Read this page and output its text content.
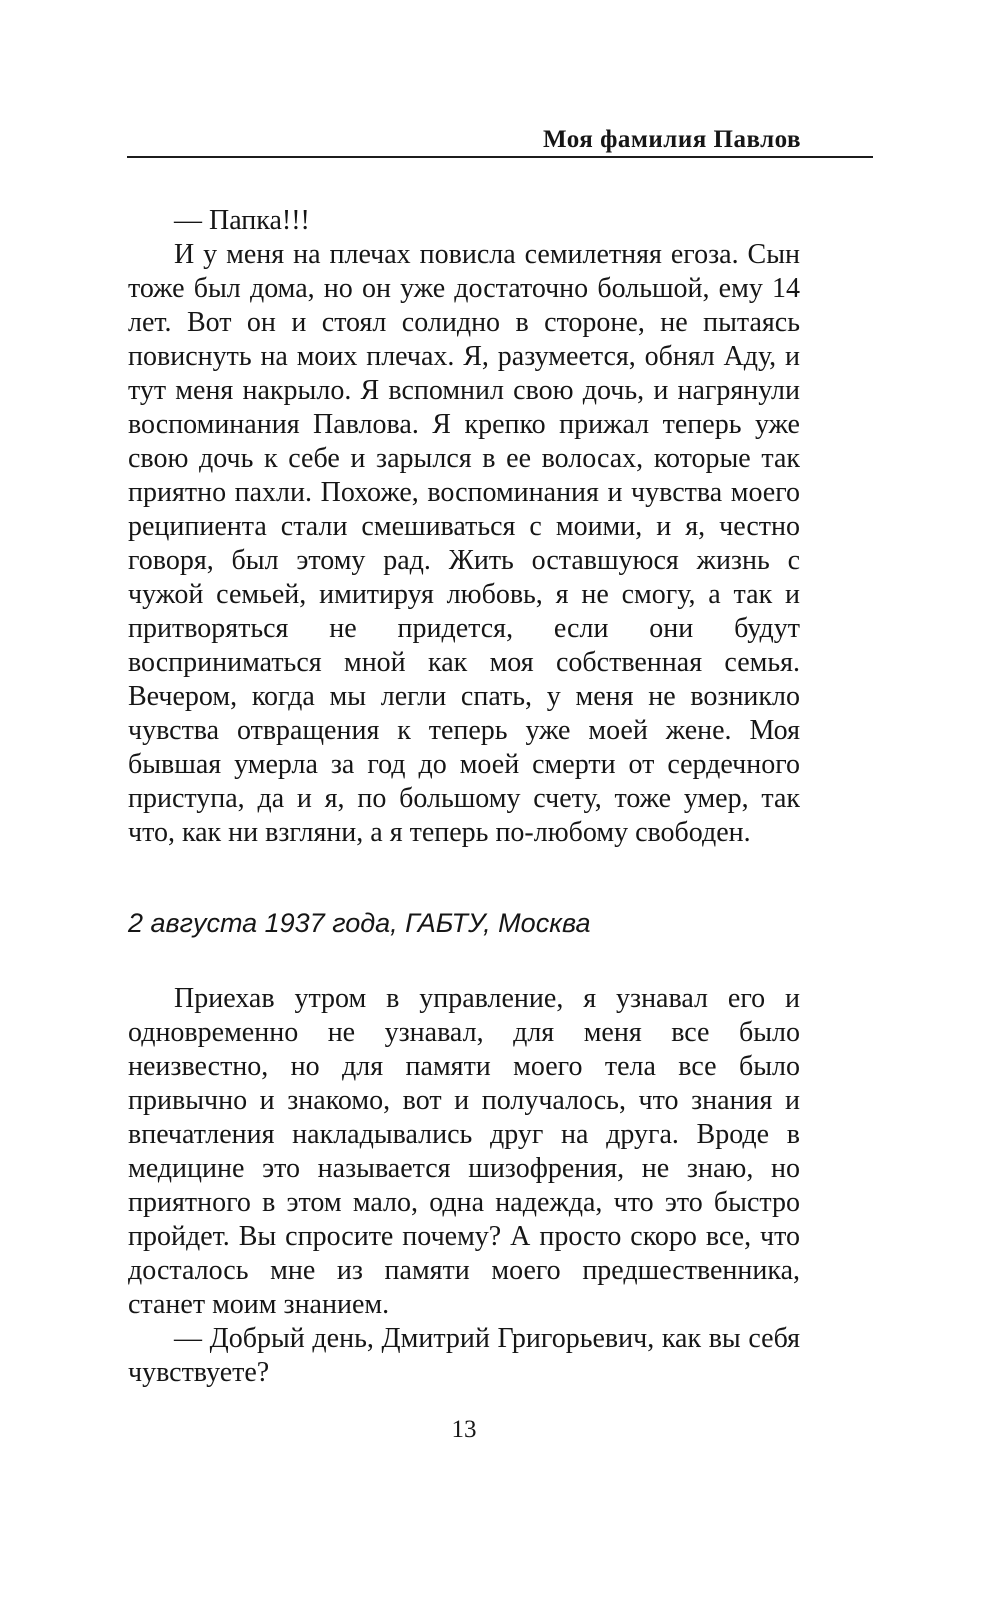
Моя фамилия Павлов

— Папка!!!

И у меня на плечах повисла семилетняя егоза. Сын тоже был дома, но он уже достаточно большой, ему 14 лет. Вот он и стоял солидно в стороне, не пытаясь повиснуть на моих плечах. Я, разумеется, обнял Аду, и тут меня накрыло. Я вспомнил свою дочь, и нагрянули воспоминания Павлова. Я крепко прижал теперь уже свою дочь к себе и зарылся в ее волосах, которые так приятно пахли. Похоже, воспоминания и чувства моего реципиента стали смешиваться с моими, и я, честно говоря, был этому рад. Жить оставшуюся жизнь с чужой семьей, имитируя любовь, я не смогу, а так и притворяться не придется, если они будут восприниматься мной как моя собственная семья. Вечером, когда мы легли спать, у меня не возникло чувства отвращения к теперь уже моей жене. Моя бывшая умерла за год до моей смерти от сердечного приступа, да и я, по большому счету, тоже умер, так что, как ни взгляни, а я теперь по-любому свободен.

2 августа 1937 года, ГАБТУ, Москва

Приехав утром в управление, я узнавал его и одновременно не узнавал, для меня все было неизвестно, но для памяти моего тела все было привычно и знакомо, вот и получалось, что знания и впечатления накладывались друг на друга. Вроде в медицине это называется шизофрения, не знаю, но приятного в этом мало, одна надежда, что это быстро пройдет. Вы спросите почему? А просто скоро все, что досталось мне из памяти моего предшественника, станет моим знанием.

— Добрый день, Дмитрий Григорьевич, как вы себя чувствуете?

13
